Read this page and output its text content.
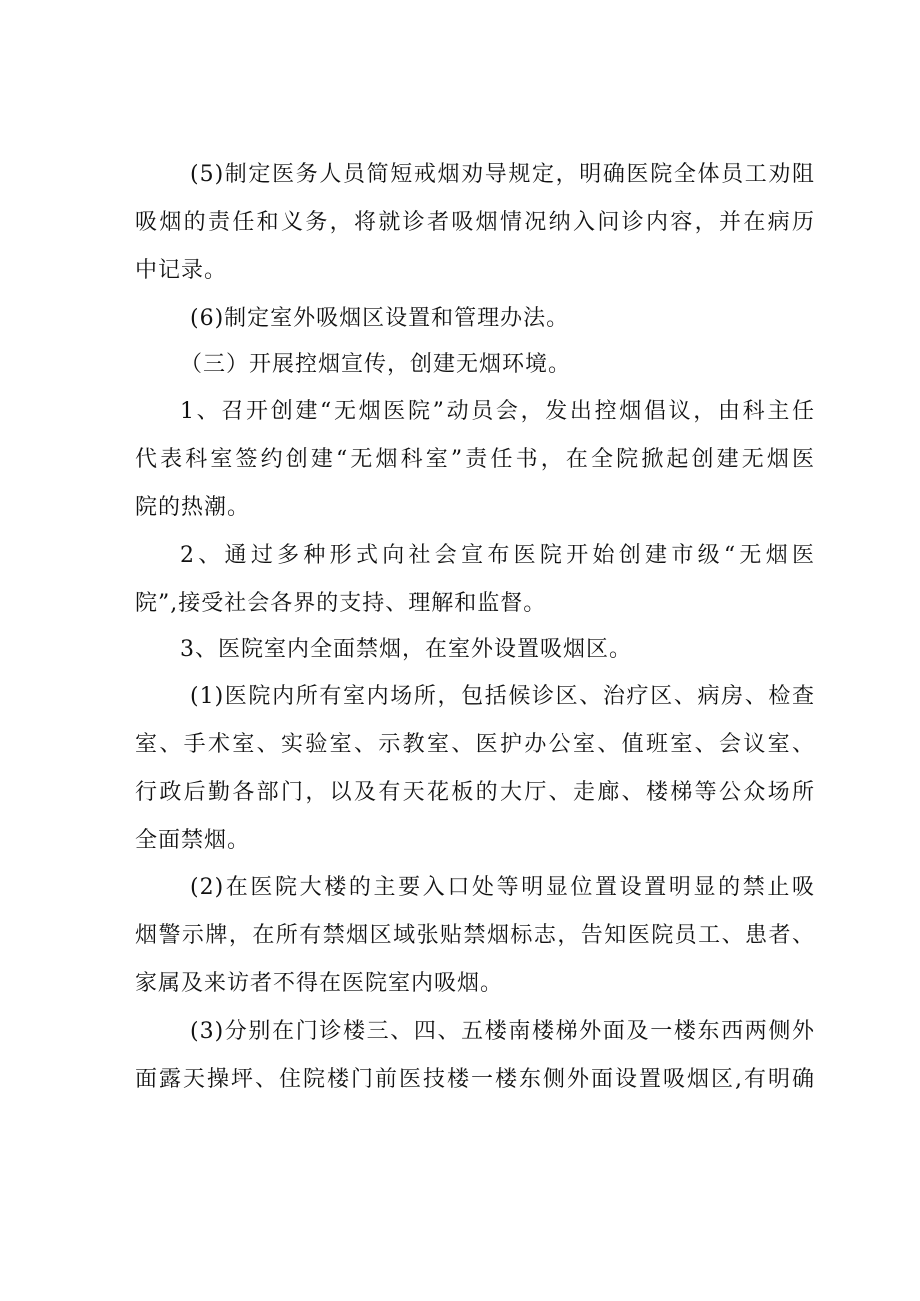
(5)制定医务人员简短戒烟劝导规定，明确医院全体员工劝阻
吸烟的责任和义务，将就诊者吸烟情况纳入问诊内容，并在病历
中记录。
(6)制定室外吸烟区设置和管理办法。
（三）开展控烟宣传，创建无烟环境。
1、召开创建“无烟医院”动员会，发出控烟倡议，由科主任
代表科室签约创建“无烟科室”责任书，在全院掀起创建无烟医
院的热潮。
2、通过多种形式向社会宣布医院开始创建市级“无烟医
院”,接受社会各界的支持、理解和监督。
3、医院室内全面禁烟，在室外设置吸烟区。
(1)医院内所有室内场所，包括候诊区、治疗区、病房、检查
室、手术室、实验室、示教室、医护办公室、值班室、会议室、
行政后勤各部门，以及有天花板的大厅、走廊、楼梯等公众场所
全面禁烟。
(2)在医院大楼的主要入口处等明显位置设置明显的禁止吸
烟警示牌，在所有禁烟区域张贴禁烟标志，告知医院员工、患者、
家属及来访者不得在医院室内吸烟。
(3)分别在门诊楼三、四、五楼南楼梯外面及一楼东西两侧外
面露天操坪、住院楼门前医技楼一楼东侧外面设置吸烟区,有明确
